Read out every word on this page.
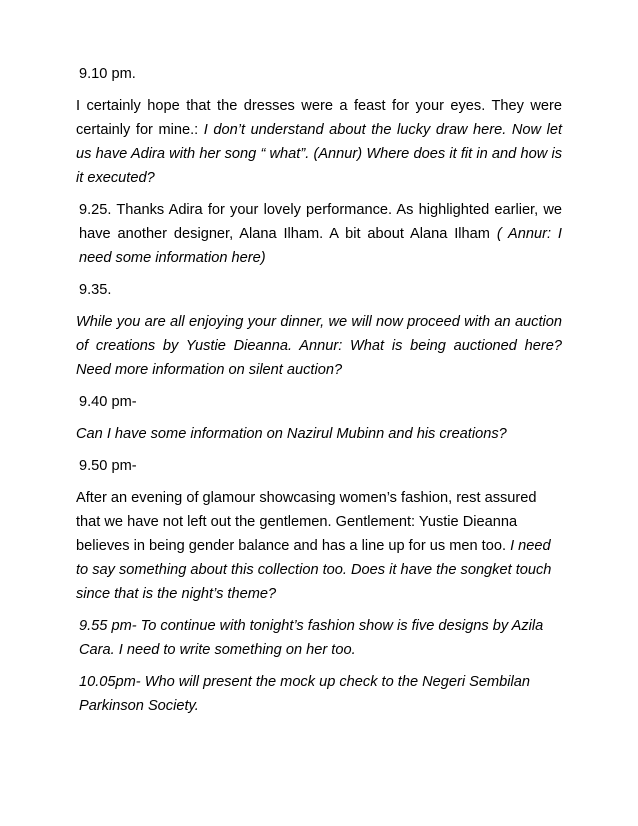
9.10 pm.

I certainly hope that the dresses were a feast for your eyes. They were certainly for mine.: I don’t understand about the lucky draw here. Now let us have Adira with her song “ what”. (Annur) Where does it fit in and how is it executed?

9.25. Thanks Adira for your lovely performance. As highlighted earlier, we have another designer, Alana Ilham. A bit about Alana Ilham ( Annur: I need some information here)

9.35.

While you are all enjoying your dinner, we will now proceed with an auction of creations by Yustie Dieanna. Annur: What is being auctioned here? Need more information on silent auction?

9.40 pm-

Can I have some information on Nazirul Mubinn and his creations?

9.50 pm-

After an evening of glamour showcasing women’s fashion, rest assured that we have not left out the gentlemen. Gentlement: Yustie Dieanna believes in being gender balance and has a line up for us men too. I need to say something about this collection too. Does it have the songket touch since that is the night’s theme?

9.55 pm- To continue with tonight’s fashion show is five designs by Azila Cara. I need to write something on her too.

10.05pm- Who will present the mock up check to the Negeri Sembilan Parkinson Society.
